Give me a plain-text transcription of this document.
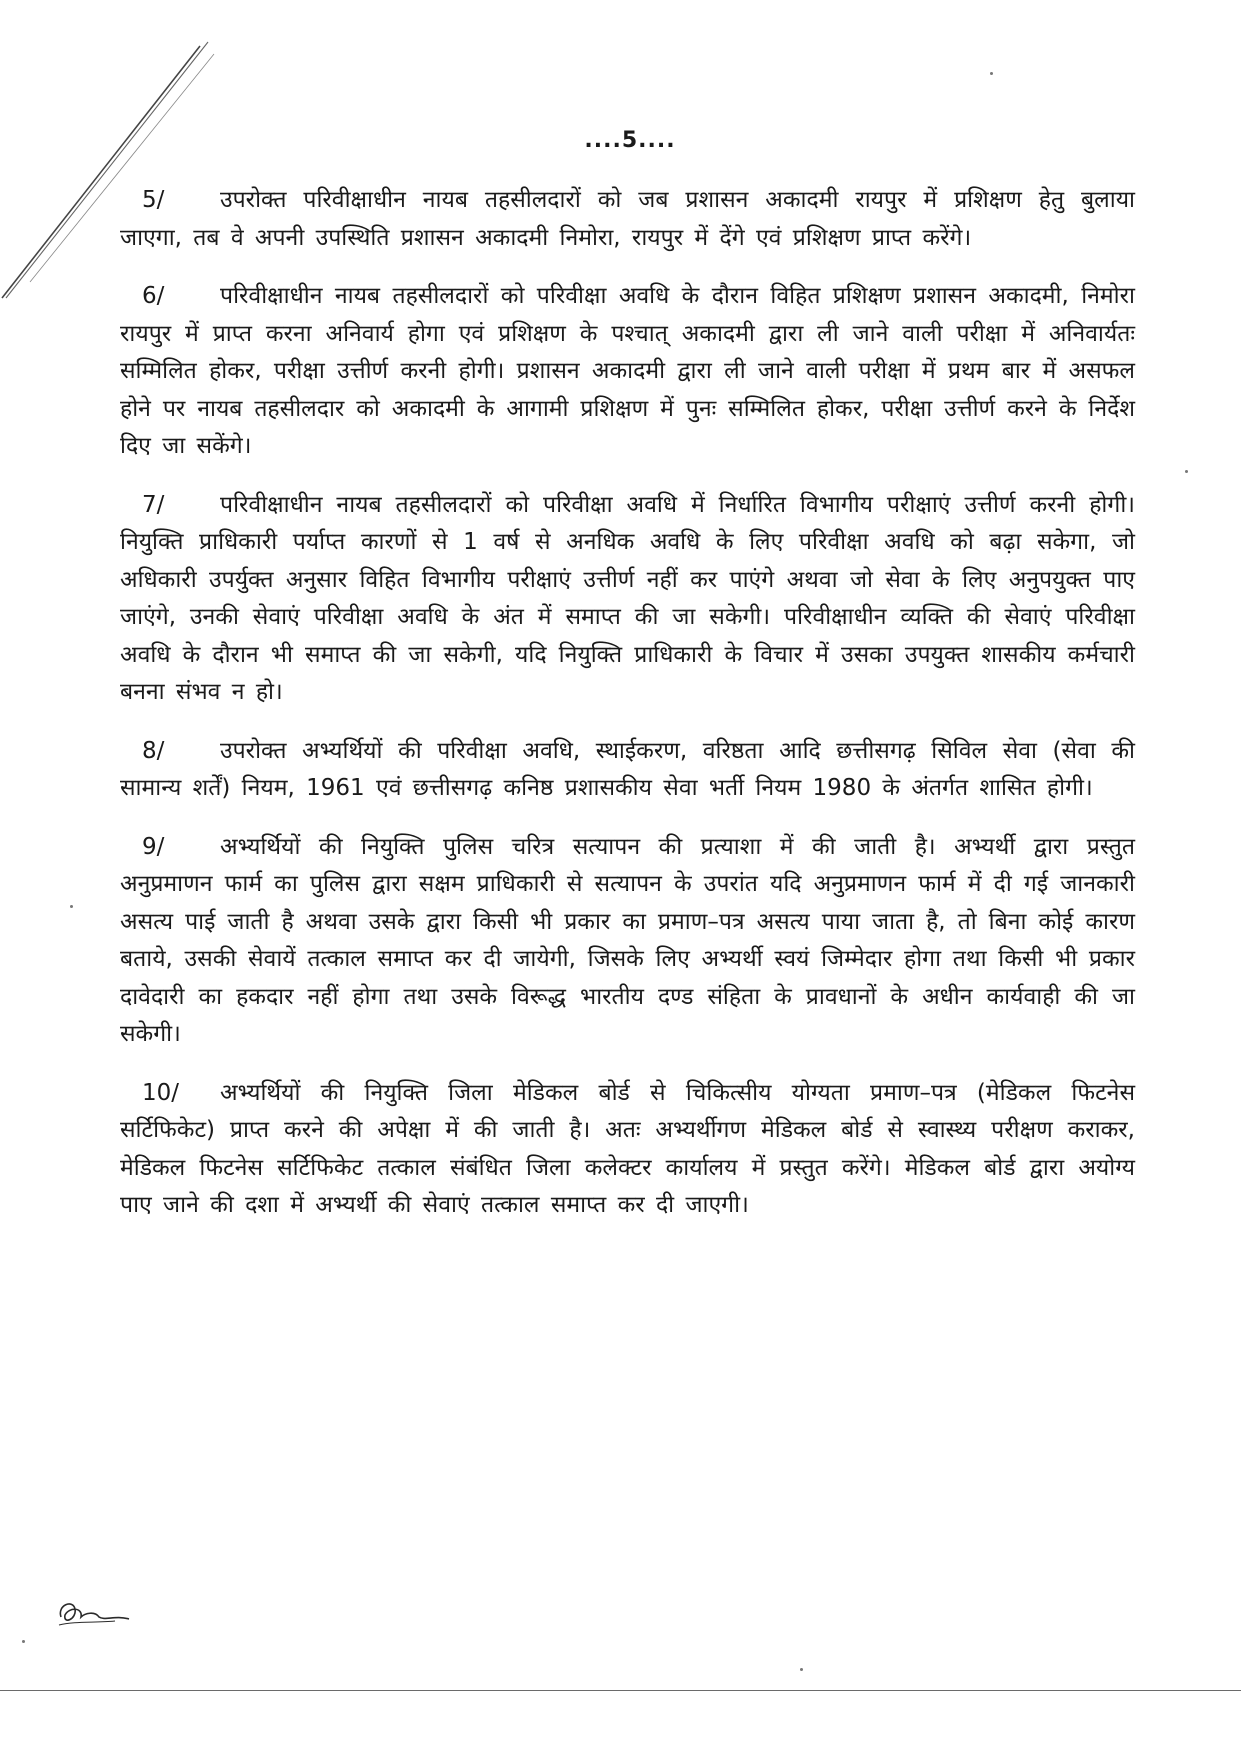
....5....

5/ उपरोक्त परिवीक्षाधीन नायब तहसीलदारों को जब प्रशासन अकादमी रायपुर में प्रशिक्षण हेतु बुलाया जाएगा, तब वे अपनी उपस्थिति प्रशासन अकादमी निमोरा, रायपुर में देंगे एवं प्रशिक्षण प्राप्त करेंगे।

6/ परिवीक्षाधीन नायब तहसीलदारों को परिवीक्षा अवधि के दौरान विहित प्रशिक्षण प्रशासन अकादमी, निमोरा रायपुर में प्राप्त करना अनिवार्य होगा एवं प्रशिक्षण के पश्चात् अकादमी द्वारा ली जाने वाली परीक्षा में अनिवार्यतः सम्मिलित होकर, परीक्षा उत्तीर्ण करनी होगी। प्रशासन अकादमी द्वारा ली जाने वाली परीक्षा में प्रथम बार में असफल होने पर नायब तहसीलदार को अकादमी के आगामी प्रशिक्षण में पुनः सम्मिलित होकर, परीक्षा उत्तीर्ण करने के निर्देश दिए जा सकेंगे।

7/ परिवीक्षाधीन नायब तहसीलदारों को परिवीक्षा अवधि में निर्धारित विभागीय परीक्षाएं उत्तीर्ण करनी होगी। नियुक्ति प्राधिकारी पर्याप्त कारणों से 1 वर्ष से अनधिक अवधि के लिए परिवीक्षा अवधि को बढ़ा सकेगा, जो अधिकारी उपर्युक्त अनुसार विहित विभागीय परीक्षाएं उत्तीर्ण नहीं कर पाएंगे अथवा जो सेवा के लिए अनुपयुक्त पाए जाएंगे, उनकी सेवाएं परिवीक्षा अवधि के अंत में समाप्त की जा सकेगी। परिवीक्षाधीन व्यक्ति की सेवाएं परिवीक्षा अवधि के दौरान भी समाप्त की जा सकेगी, यदि नियुक्ति प्राधिकारी के विचार में उसका उपयुक्त शासकीय कर्मचारी बनना संभव न हो।

8/ उपरोक्त अभ्यर्थियों की परिवीक्षा अवधि, स्थाईकरण, वरिष्ठता आदि छत्तीसगढ़ सिविल सेवा (सेवा की सामान्य शर्तें) नियम, 1961 एवं छत्तीसगढ़ कनिष्ठ प्रशासकीय सेवा भर्ती नियम 1980 के अंतर्गत शासित होगी।

9/ अभ्यर्थियों की नियुक्ति पुलिस चरित्र सत्यापन की प्रत्याशा में की जाती है। अभ्यर्थी द्वारा प्रस्तुत अनुप्रमाणन फार्म का पुलिस द्वारा सक्षम प्राधिकारी से सत्यापन के उपरांत यदि अनुप्रमाणन फार्म में दी गई जानकारी असत्य पाई जाती है अथवा उसके द्वारा किसी भी प्रकार का प्रमाण–पत्र असत्य पाया जाता है, तो बिना कोई कारण बताये, उसकी सेवायें तत्काल समाप्त कर दी जायेगी, जिसके लिए अभ्यर्थी स्वयं जिम्मेदार होगा तथा किसी भी प्रकार दावेदारी का हकदार नहीं होगा तथा उसके विरूद्ध भारतीय दण्ड संहिता के प्रावधानों के अधीन कार्यवाही की जा सकेगी।

10/ अभ्यर्थियों की नियुक्ति जिला मेडिकल बोर्ड से चिकित्सीय योग्यता प्रमाण–पत्र (मेडिकल फिटनेस सर्टिफिकेट) प्राप्त करने की अपेक्षा में की जाती है। अतः अभ्यर्थीगण मेडिकल बोर्ड से स्वास्थ्य परीक्षण कराकर, मेडिकल फिटनेस सर्टिफिकेट तत्काल संबंधित जिला कलेक्टर कार्यालय में प्रस्तुत करेंगे। मेडिकल बोर्ड द्वारा अयोग्य पाए जाने की दशा में अभ्यर्थी की सेवाएं तत्काल समाप्त कर दी जाएगी।
